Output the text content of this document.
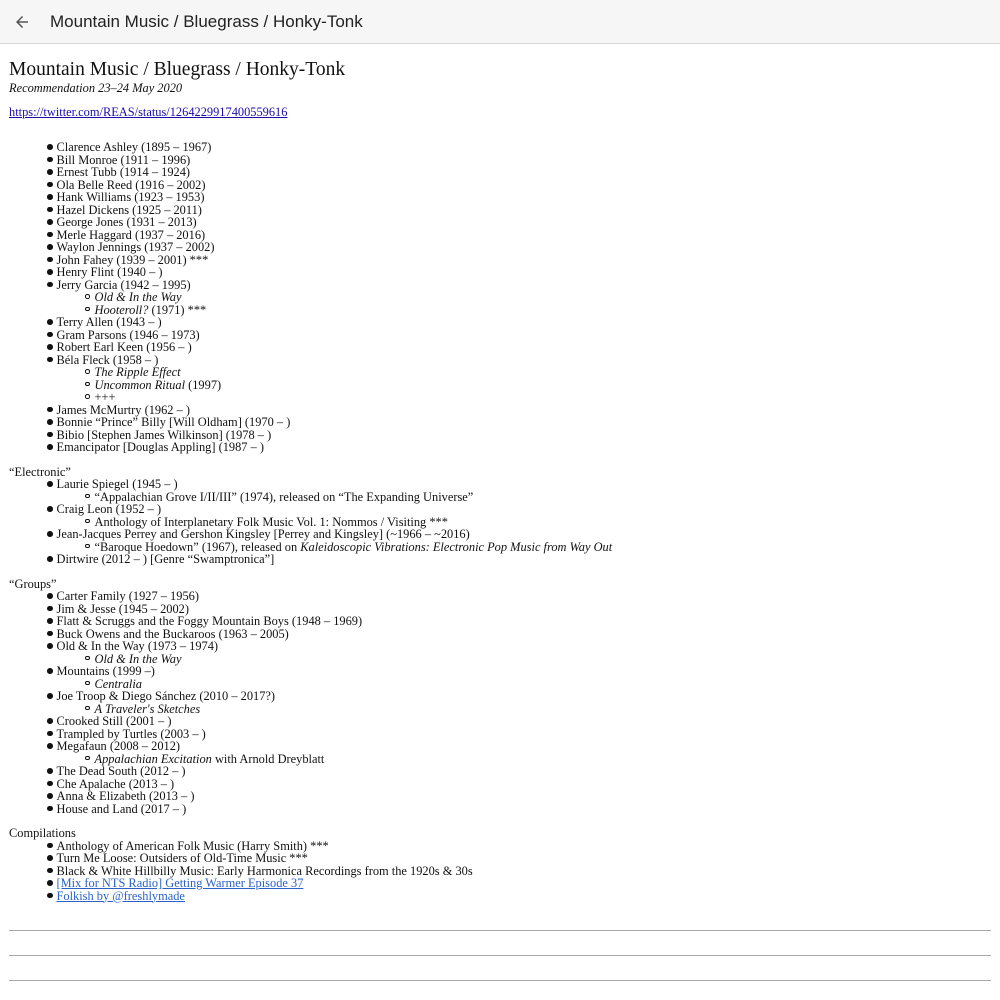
Mountain Music / Bluegrass / Honky-Tonk
Mountain Music / Bluegrass / Honky-Tonk
Recommendation 23–24 May 2020
https://twitter.com/REAS/status/1264229917400559616
Clarence Ashley (1895 – 1967)
Bill Monroe (1911 – 1996)
Ernest Tubb (1914 – 1924)
Ola Belle Reed (1916 – 2002)
Hank Williams (1923 – 1953)
Hazel Dickens (1925 – 2011)
George Jones (1931 – 2013)
Merle Haggard (1937 – 2016)
Waylon Jennings (1937 – 2002)
John Fahey (1939 – 2001) ***
Henry Flint (1940 – )
Jerry Garcia (1942 – 1995)
Old & In the Way
Hooteroll? (1971) ***
Terry Allen (1943 – )
Gram Parsons (1946 – 1973)
Robert Earl Keen (1956 – )
Béla Fleck (1958 – )
The Ripple Effect
Uncommon Ritual (1997)
+++
James McMurtry (1962 – )
Bonnie “Prince” Billy [Will Oldham] (1970 – )
Bibio [Stephen James Wilkinson] (1978 – )
Emancipator [Douglas Appling] (1987 – )
“Electronic”
Laurie Spiegel (1945 – )
“Appalachian Grove I/II/III” (1974), released on “The Expanding Universe”
Craig Leon (1952 – )
Anthology of Interplanetary Folk Music Vol. 1: Nommos / Visiting ***
Jean-Jacques Perrey and Gershon Kingsley [Perrey and Kingsley] (~1966 – ~2016)
“Baroque Hoedown” (1967), released on Kaleidoscopic Vibrations: Electronic Pop Music from Way Out
Dirtwire (2012 – ) [Genre “Swamptronica”]
“Groups”
Carter Family (1927 – 1956)
Jim & Jesse (1945 – 2002)
Flatt & Scruggs and the Foggy Mountain Boys (1948 – 1969)
Buck Owens and the Buckaroos (1963 – 2005)
Old & In the Way (1973 – 1974)
Old & In the Way
Mountains (1999 –)
Centralia
Joe Troop & Diego Sánchez (2010 – 2017?)
A Traveler's Sketches
Crooked Still (2001 – )
Trampled by Turtles (2003 – )
Megafaun (2008 – 2012)
Appalachian Excitation with Arnold Dreyblatt
The Dead South (2012 – )
Che Apalache (2013 – )
Anna & Elizabeth (2013 – )
House and Land (2017 – )
Compilations
Anthology of American Folk Music (Harry Smith) ***
Turn Me Loose: Outsiders of Old-Time Music ***
Black & White Hillbilly Music: Early Harmonica Recordings from the 1920s & 30s
[Mix for NTS Radio] Getting Warmer Episode 37
Folkish by @freshlymade
